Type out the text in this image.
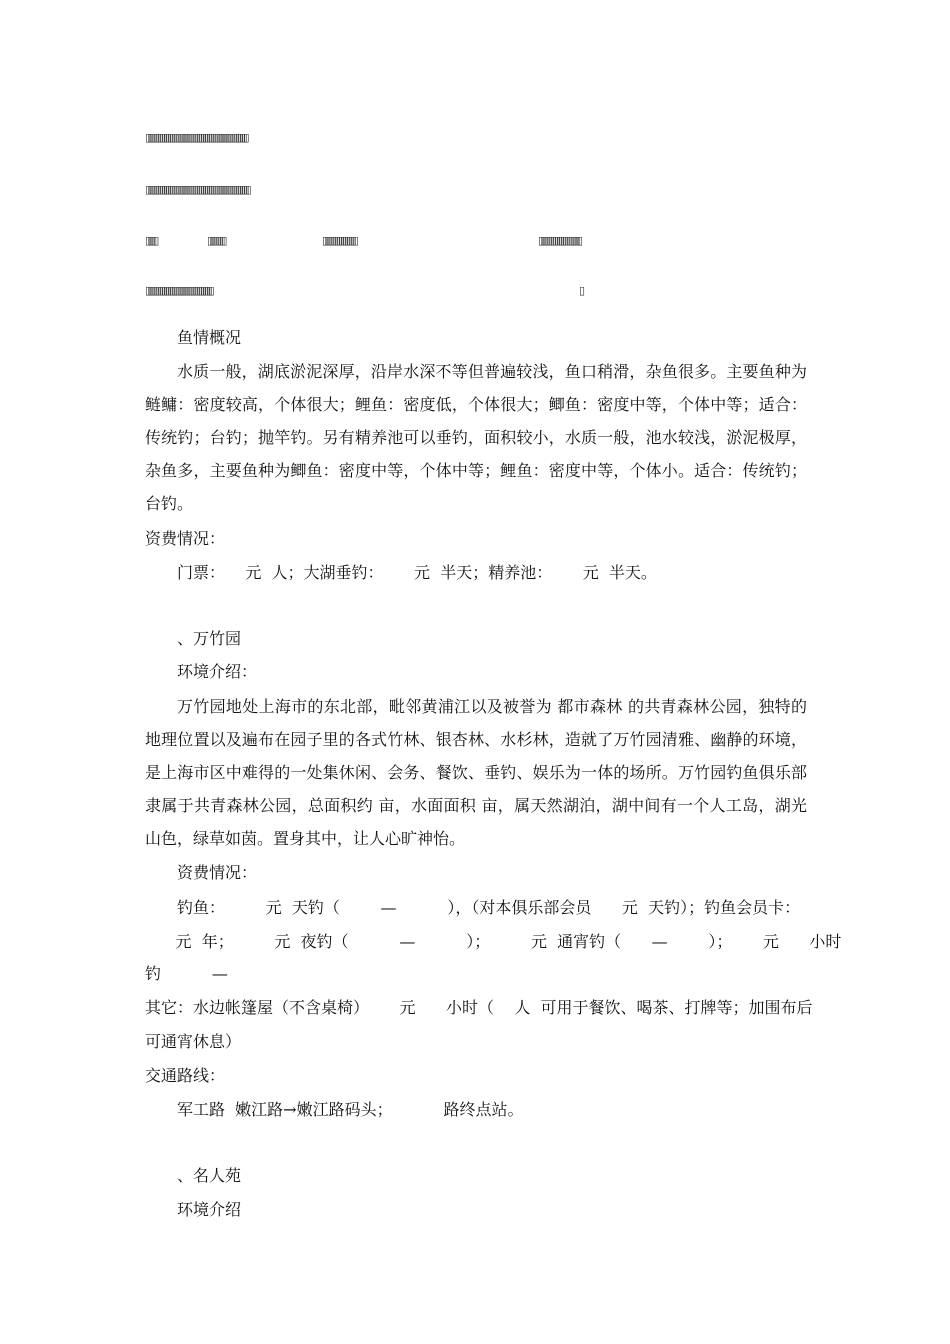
▯▯▯▯▯▯▯▯▯▯▯▯▯▯▯▯▯▯▯▯▯▯▯▯▯▯▯▯▯▯▯▯▯▯▯▯▯▯▯▯▯▯▯▯▯▯▯▯▯
▯▯▯▯▯▯▯▯▯▯▯▯▯▯▯▯▯▯▯▯▯▯▯▯▯▯▯▯▯▯▯▯▯▯▯▯▯▯▯▯▯▯▯▯▯▯▯▯▯▯
▯▯▯▯▯	▯▯▯▯▯▯▯▯	▯▯▯▯▯▯▯▯▯▯▯▯▯▯▯▯	▯▯▯▯▯▯▯▯▯▯▯▯▯▯▯▯▯▯▯▯
▯▯▯▯▯▯▯▯▯▯▯▯▯▯▯▯▯▯▯▯▯▯▯▯▯▯▯▯▯▯▯▯	▯
鱼情概况

水质一般，湖底淤泥深厚，沿岸水深不等但普遍较浅，鱼口稍滑，杂鱼很多。主要鱼种为鲢鳙：密度较高，个体很大；鲤鱼：密度低，个体很大；鲫鱼：密度中等，个体中等；适合：传统钓；台钓；抛竿钓。另有精养池可以垂钓，面积较小，水质一般，池水较浅，淤泥极厚，杂鱼多，主要鱼种为鲫鱼：密度中等，个体中等；鲤鱼：密度中等，个体小。适合：传统钓；台钓。

资费情况：
门票：    元  人；大湖垂钓：      元  半天；精养池：      元  半天。
、万竹园
环境介绍：

万竹园地处上海市的东北部，毗邻黄浦江以及被誉为 都市森林 的共青森林公园，独特的地理位置以及遍布在园子里的各式竹林、银杏林、水杉林，造就了万竹园清雅、幽静的环境，是上海市区中难得的一处集休闲、会务、餐饮、垂钓、娱乐为一体的场所。万竹园钓鱼俱乐部 隶属于共青森林公园，总面积约 亩，水面面积 亩，属天然湖泊，湖中间有一个人工岛，湖光山色，绿草如茵。置身其中，让人心旷神怡。

资费情况：
钓鱼：        元  天钓（        —          ），（对本俱乐部会员      元  天钓）；钓鱼会员卡：
元  年；        元  夜钓（          —          ）；        元  通宵钓（      —        ）；      元      小时
钓          —
其它：水边帐篷屋（不含桌椅）      元      小时（    人  可用于餐饮、喝茶、打牌等；加围布后
可通宵休息）
交通路线：
军工路  嫩江路→嫩江路码头；          路终点站。
、名人苑
环境介绍
